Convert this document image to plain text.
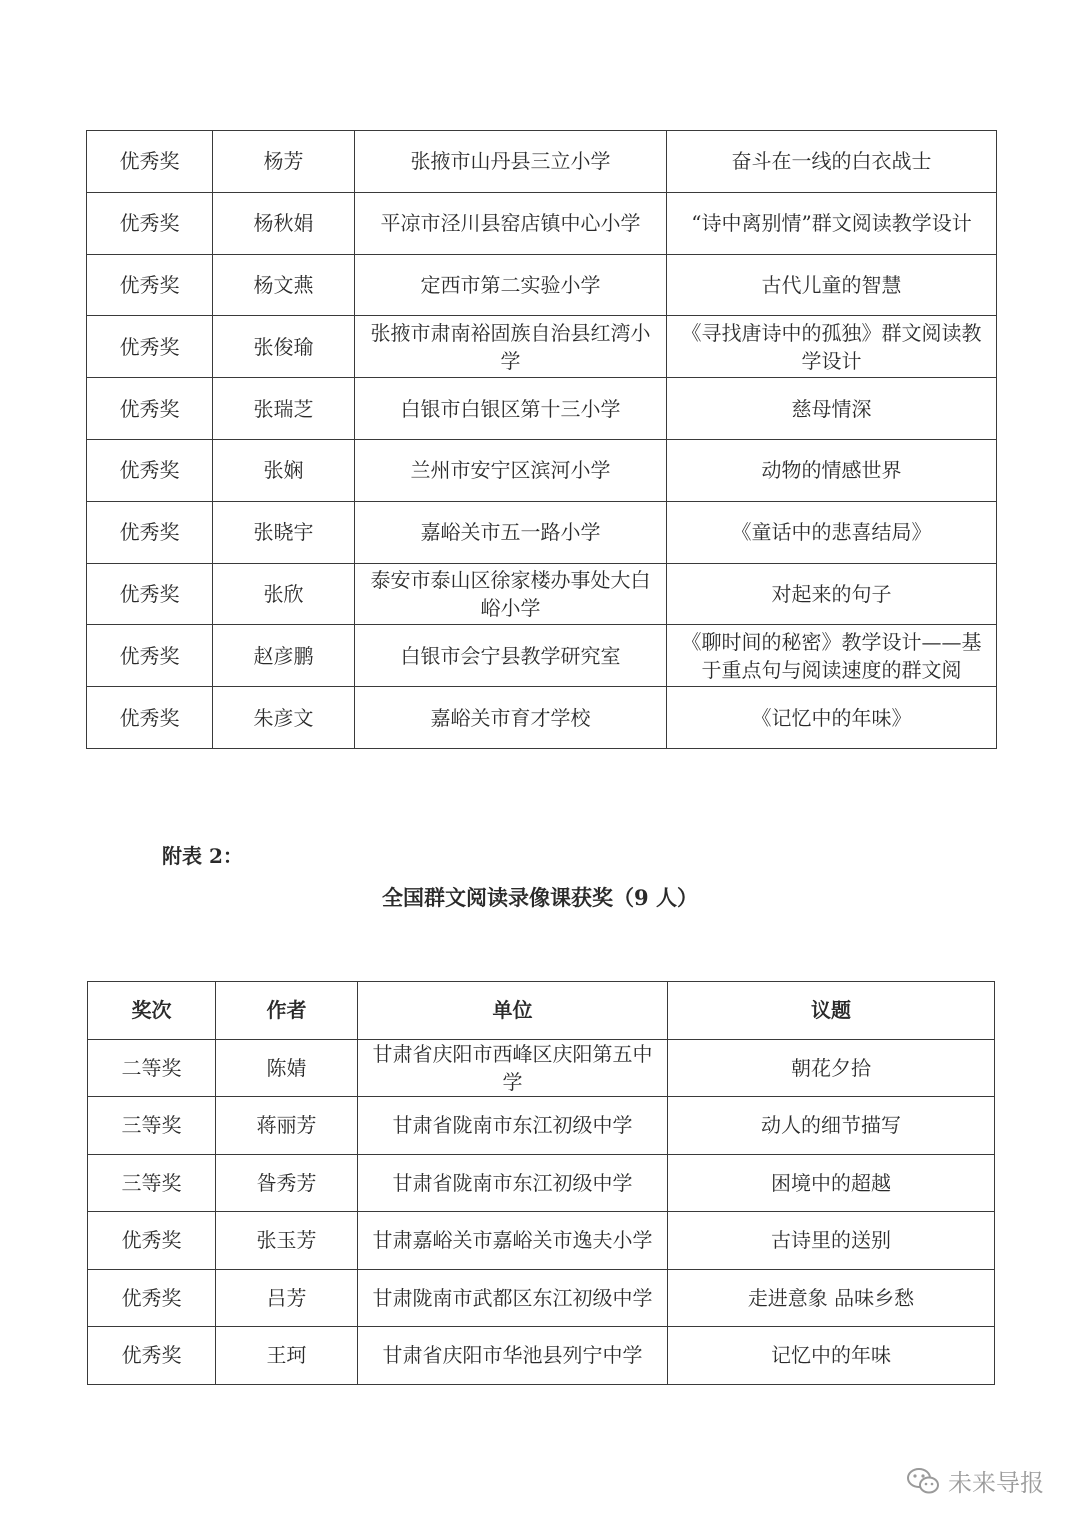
优秀奖	杨芳	张掖市山丹县三立小学	奋斗在一线的白衣战士
优秀奖	杨秋娟	平凉市泾川县窑店镇中心小学	“诗中离别情”群文阅读教学设计
优秀奖	杨文燕	定西市第二实验小学	古代儿童的智慧
优秀奖	张俊瑜	张掖市肃南裕固族自治县红湾小学	《寻找唐诗中的孤独》群文阅读教学设计
优秀奖	张瑞芝	白银市白银区第十三小学	慈母情深
优秀奖	张娴	兰州市安宁区滨河小学	动物的情感世界
优秀奖	张晓宇	嘉峪关市五一路小学	《童话中的悲喜结局》
优秀奖	张欣	泰安市泰山区徐家楼办事处大白峪小学	对起来的句子
优秀奖	赵彦鹏	白银市会宁县教学研究室	《聊时间的秘密》教学设计——基于重点句与阅读速度的群文阅
优秀奖	朱彦文	嘉峪关市育才学校	《记忆中的年味》
附表 2：
全国群文阅读录像课获奖（9 人）
奖次	作者	单位	议题
二等奖	陈婧	甘肃省庆阳市西峰区庆阳第五中学	朝花夕拾
三等奖	蒋丽芳	甘肃省陇南市东江初级中学	动人的细节描写
三等奖	昝秀芳	甘肃省陇南市东江初级中学	困境中的超越
优秀奖	张玉芳	甘肃嘉峪关市嘉峪关市逸夫小学	古诗里的送别
优秀奖	吕芳	甘肃陇南市武都区东江初级中学	走进意象 品味乡愁
优秀奖	王珂	甘肃省庆阳市华池县列宁中学	记忆中的年味
未来导报
